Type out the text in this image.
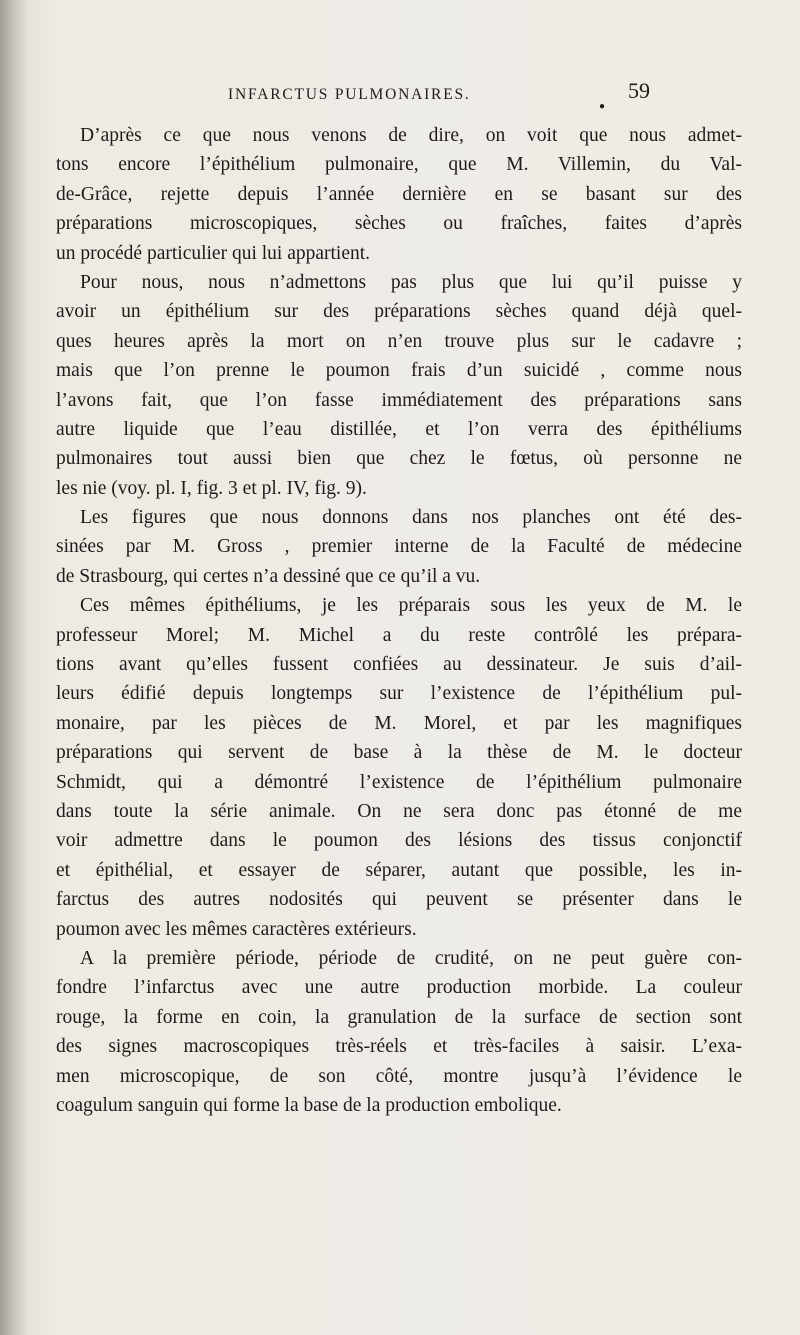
INFARCTUS PULMONAIRES.
●
59
D’après ce que nous venons de dire, on voit que nous admet-
tons encore l’épithélium pulmonaire, que M. Villemin, du Val-
de-Grâce, rejette depuis l’année dernière en se basant sur des
préparations microscopiques, sèches ou fraîches, faites d’après
un procédé particulier qui lui appartient.
Pour nous, nous n’admettons pas plus que lui qu’il puisse y
avoir un épithélium sur des préparations sèches quand déjà quel-
ques heures après la mort on n’en trouve plus sur le cadavre ;
mais que l’on prenne le poumon frais d’un suicidé , comme nous
l’avons fait, que l’on fasse immédiatement des préparations sans
autre liquide que l’eau distillée, et l’on verra des épithéliums
pulmonaires tout aussi bien que chez le fœtus, où personne ne
les nie (voy. pl. I, fig. 3 et pl. IV, fig. 9).
Les figures que nous donnons dans nos planches ont été des-
sinées par M. Gross , premier interne de la Faculté de médecine
de Strasbourg, qui certes n’a dessiné que ce qu’il a vu.
Ces mêmes épithéliums, je les préparais sous les yeux de M. le
professeur Morel; M. Michel a du reste contrôlé les prépara-
tions avant qu’elles fussent confiées au dessinateur. Je suis d’ail-
leurs édifié depuis longtemps sur l’existence de l’épithélium pul-
monaire, par les pièces de M. Morel, et par les magnifiques
préparations qui servent de base à la thèse de M. le docteur
Schmidt, qui a démontré l’existence de l’épithélium pulmonaire
dans toute la série animale. On ne sera donc pas étonné de me
voir admettre dans le poumon des lésions des tissus conjonctif
et épithélial, et essayer de séparer, autant que possible, les in-
farctus des autres nodosités qui peuvent se présenter dans le
poumon avec les mêmes caractères extérieurs.
A la première période, période de crudité, on ne peut guère con-
fondre l’infarctus avec une autre production morbide. La couleur
rouge, la forme en coin, la granulation de la surface de section sont
des signes macroscopiques très-réels et très-faciles à saisir. L’exa-
men microscopique, de son côté, montre jusqu’à l’évidence le
coagulum sanguin qui forme la base de la production embolique.
